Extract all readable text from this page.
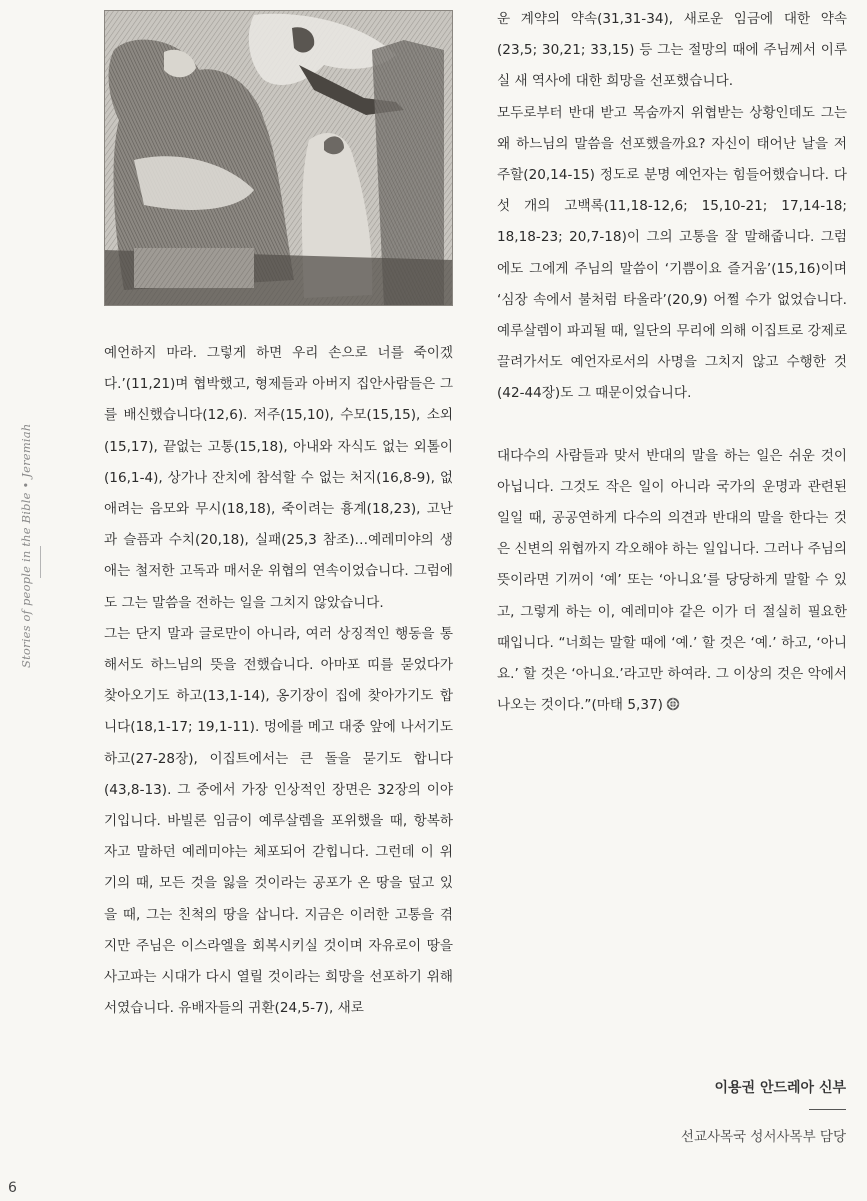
예언하지 마라. 그렇게 하면 우리 손으로 너를 죽이겠다.’(11,21)며 협박했고, 형제들과 아버지 집안사람들은 그를 배신했습니다(12,6). 저주(15,10), 수모(15,15), 소외(15,17), 끝없는 고통(15,18), 아내와 자식도 없는 외톨이(16,1-4), 상가나 잔치에 참석할 수 없는 처지(16,8-9), 없애려는 음모와 무시(18,18), 죽이려는 흉계(18,23), 고난과 슬픔과 수치(20,18), 실패(25,3 참조)…예레미야의 생애는 철저한 고독과 매서운 위협의 연속이었습니다. 그럼에도 그는 말씀을 전하는 일을 그치지 않았습니다.

그는 단지 말과 글로만이 아니라, 여러 상징적인 행동을 통해서도 하느님의 뜻을 전했습니다. 아마포 띠를 묻었다가 찾아오기도 하고(13,1-14), 옹기장이 집에 찾아가기도 합니다(18,1-17; 19,1-11). 멍에를 메고 대중 앞에 나서기도 하고(27-28장), 이집트에서는 큰 돌을 묻기도 합니다(43,8-13). 그 중에서 가장 인상적인 장면은 32장의 이야기입니다. 바빌론 임금이 예루살렘을 포위했을 때, 항복하자고 말하던 예레미야는 체포되어 갇힙니다. 그런데 이 위기의 때, 모든 것을 잃을 것이라는 공포가 온 땅을 덮고 있을 때, 그는 친척의 땅을 삽니다. 지금은 이러한 고통을 겪지만 주님은 이스라엘을 회복시키실 것이며 자유로이 땅을 사고파는 시대가 다시 열릴 것이라는 희망을 선포하기 위해서였습니다. 유배자들의 귀환(24,5-7), 새로

운 계약의 약속(31,31-34), 새로운 임금에 대한 약속(23,5; 30,21; 33,15) 등 그는 절망의 때에 주님께서 이루실 새 역사에 대한 희망을 선포했습니다.

모두로부터 반대 받고 목숨까지 위협받는 상황인데도 그는 왜 하느님의 말씀을 선포했을까요? 자신이 태어난 날을 저주할(20,14-15) 정도로 분명 예언자는 힘들어했습니다. 다섯 개의 고백록(11,18-12,6; 15,10-21; 17,14-18; 18,18-23; 20,7-18)이 그의 고통을 잘 말해줍니다. 그럼에도 그에게 주님의 말씀이 ‘기쁨이요 즐거움’(15,16)이며 ‘심장 속에서 불처럼 타올라’(20,9) 어쩔 수가 없었습니다. 예루살렘이 파괴될 때, 일단의 무리에 의해 이집트로 강제로 끌려가서도 예언자로서의 사명을 그치지 않고 수행한 것(42-44장)도 그 때문이었습니다.

대다수의 사람들과 맞서 반대의 말을 하는 일은 쉬운 것이 아닙니다. 그것도 작은 일이 아니라 국가의 운명과 관련된 일일 때, 공공연하게 다수의 의견과 반대의 말을 한다는 것은 신변의 위협까지 각오해야 하는 일입니다. 그러나 주님의 뜻이라면 기꺼이 ‘예’ 또는 ‘아니요’를 당당하게 말할 수 있고, 그렇게 하는 이, 예레미야 같은 이가 더 절실히 필요한 때입니다. “너희는 말할 때에 ‘예.’ 할 것은 ‘예.’ 하고, ‘아니요.’ 할 것은 ‘아니요.’라고만 하여라. 그 이상의 것은 악에서 나오는 것이다.”(마태 5,37)

Stories of people in the Bible • Jeremiah
이용권 안드레아 신부
선교사목국 성서사목부 담당
6
